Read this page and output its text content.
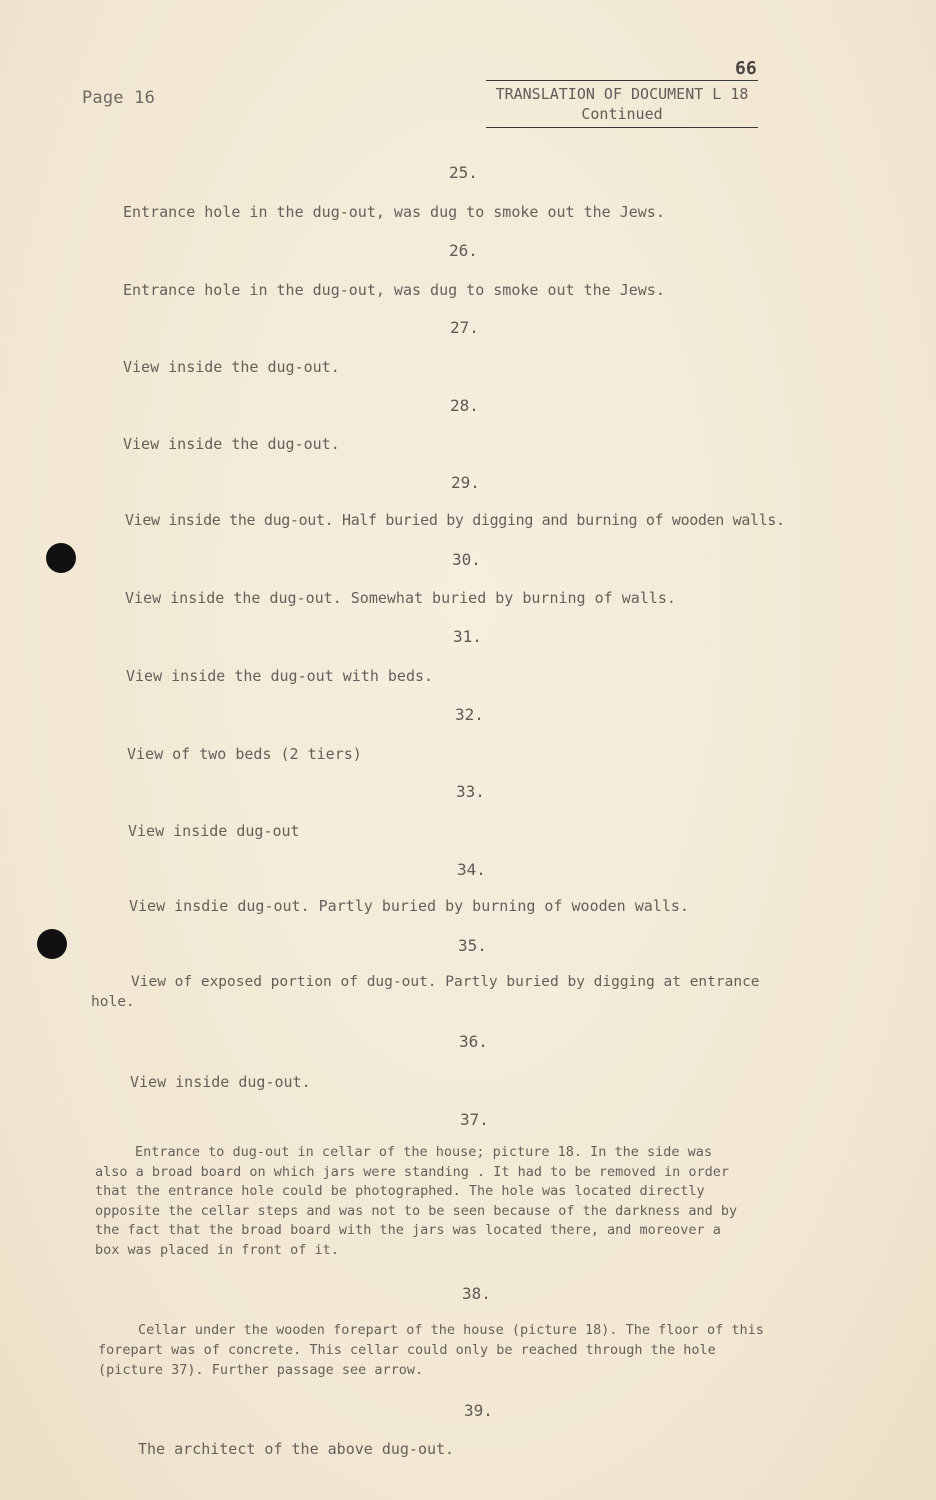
Page 16
66
TRANSLATION OF DOCUMENT L 18
Continued
25.
Entrance hole in the dug-out, was dug to smoke out the Jews.
26.
Entrance hole in the dug-out, was dug to smoke out the Jews.
27.
View inside the dug-out.
28.
View inside the dug-out.
29.
View inside the dug-out. Half buried by digging and burning of wooden walls.
30.
View inside the dug-out. Somewhat buried by burning of walls.
31.
View inside the dug-out with beds.
32.
View of two beds (2 tiers)
33.
View inside dug-out
34.
View insdie dug-out. Partly buried by burning of wooden walls.
35.
View of exposed portion of dug-out. Partly buried by digging at entrance
hole.
36.
View inside dug-out.
37.
Entrance to dug-out in cellar of the house; picture 18. In the side was
also a broad board on which jars were standing . It had to be removed in order
that the entrance hole could be photographed. The hole was located directly
opposite the cellar steps and was not to be seen because of the darkness and by
the fact that the broad board with the jars was located there, and moreover a
box was placed in front of it.
38.
Cellar under the wooden forepart of the house (picture 18). The floor of this
forepart was of concrete. This cellar could only be reached through the hole
(picture 37). Further passage see arrow.
39.
The architect of the above dug-out.
